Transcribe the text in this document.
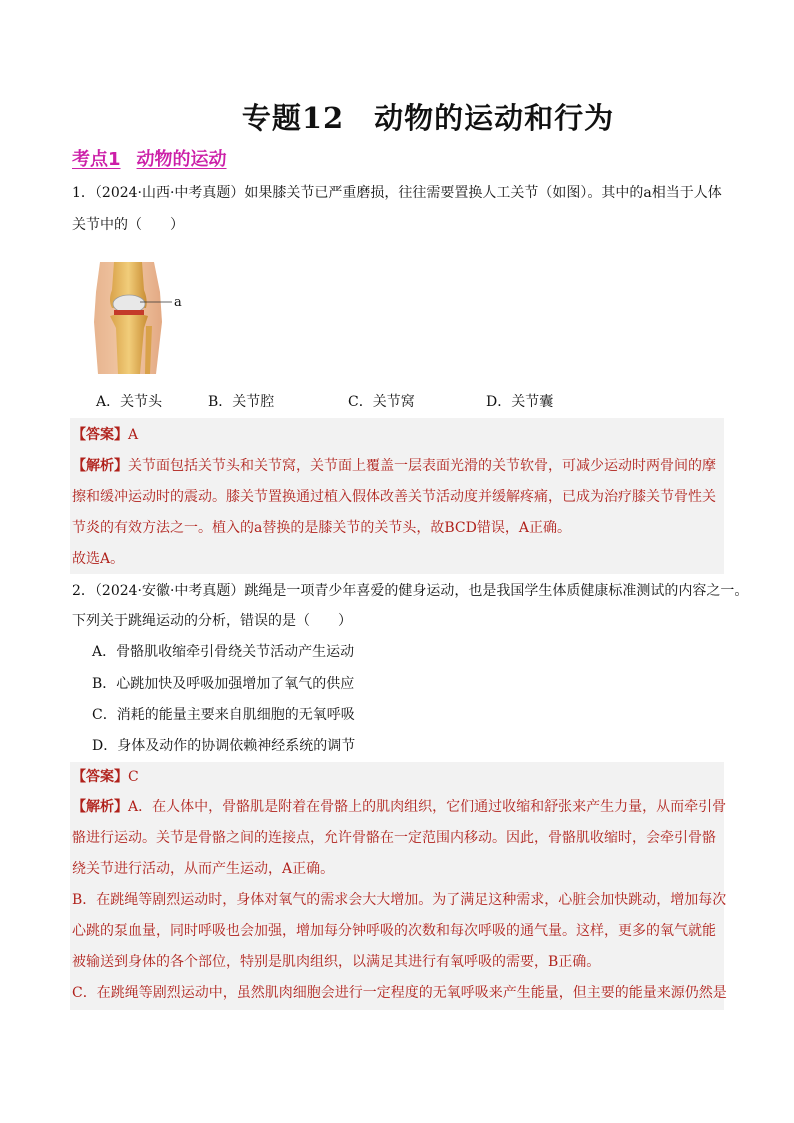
专题12 动物的运动和行为
考点1 动物的运动
1．（2024·山西·中考真题）如果膝关节已严重磨损，往往需要置换人工关节（如图）。其中的a相当于人体
关节中的（　　）
a
A．关节头	B．关节腔	C．关节窝	D．关节囊
【答案】A
【解析】关节面包括关节头和关节窝，关节面上覆盖一层表面光滑的关节软骨，可减少运动时两骨间的摩
擦和缓冲运动时的震动。膝关节置换通过植入假体改善关节活动度并缓解疼痛，已成为治疗膝关节骨性关
节炎的有效方法之一。植入的a替换的是膝关节的关节头，故BCD错误，A正确。
故选A。
2．（2024·安徽·中考真题）跳绳是一项青少年喜爱的健身运动，也是我国学生体质健康标准测试的内容之一。
下列关于跳绳运动的分析，错误的是（　　）
A．骨骼肌收缩牵引骨绕关节活动产生运动
B．心跳加快及呼吸加强增加了氧气的供应
C．消耗的能量主要来自肌细胞的无氧呼吸
D．身体及动作的协调依赖神经系统的调节
【答案】C
【解析】A．在人体中，骨骼肌是附着在骨骼上的肌肉组织，它们通过收缩和舒张来产生力量，从而牵引骨
骼进行运动。关节是骨骼之间的连接点，允许骨骼在一定范围内移动。因此，骨骼肌收缩时，会牵引骨骼
绕关节进行活动，从而产生运动，A正确。
B．在跳绳等剧烈运动时，身体对氧气的需求会大大增加。为了满足这种需求，心脏会加快跳动，增加每次
心跳的泵血量，同时呼吸也会加强，增加每分钟呼吸的次数和每次呼吸的通气量。这样，更多的氧气就能
被输送到身体的各个部位，特别是肌肉组织，以满足其进行有氧呼吸的需要，B正确。
C．在跳绳等剧烈运动中，虽然肌肉细胞会进行一定程度的无氧呼吸来产生能量，但主要的能量来源仍然是
